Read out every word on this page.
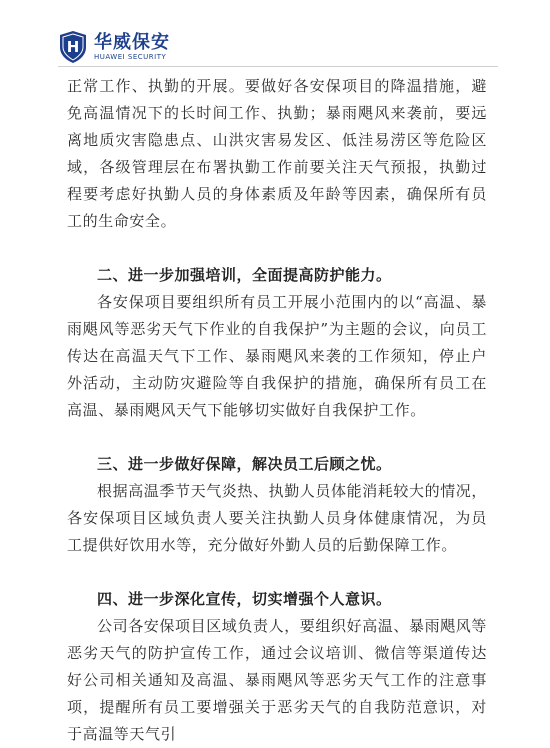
H 华威保安
HUAWEI SECURITY

正常工作、执勤的开展。要做好各安保项目的降温措施，避免高温情况下的长时间工作、执勤；暴雨飓风来袭前，要远离地质灾害隐患点、山洪灾害易发区、低洼易涝区等危险区域，各级管理层在布署执勤工作前要关注天气预报，执勤过程要考虑好执勤人员的身体素质及年龄等因素，确保所有员工的生命安全。

二、进一步加强培训，全面提高防护能力。

各安保项目要组织所有员工开展小范围内的以“高温、暴雨飓风等恶劣天气下作业的自我保护”为主题的会议，向员工传达在高温天气下工作、暴雨飓风来袭的工作须知，停止户外活动，主动防灾避险等自我保护的措施，确保所有员工在高温、暴雨飓风天气下能够切实做好自我保护工作。

三、进一步做好保障，解决员工后顾之忧。

根据高温季节天气炎热、执勤人员体能消耗较大的情况，各安保项目区域负责人要关注执勤人员身体健康情况，为员工提供好饮用水等，充分做好外勤人员的后勤保障工作。

四、进一步深化宣传，切实增强个人意识。

公司各安保项目区域负责人，要组织好高温、暴雨飓风等恶劣天气的防护宣传工作，通过会议培训、微信等渠道传达好公司相关通知及高温、暴雨飓风等恶劣天气工作的注意事项，提醒所有员工要增强关于恶劣天气的自我防范意识，对于高温等天气引
